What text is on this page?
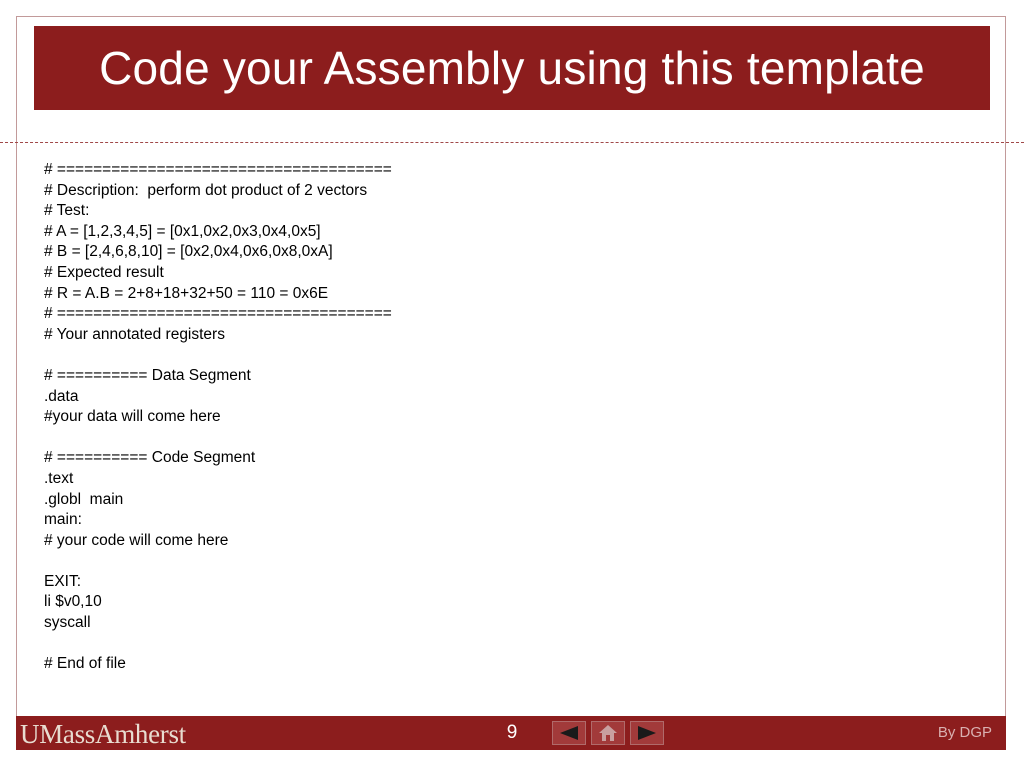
Code your Assembly using this template
# =====================================
# Description:  perform dot product of 2 vectors
# Test:
# A = [1,2,3,4,5] = [0x1,0x2,0x3,0x4,0x5]
# B = [2,4,6,8,10] = [0x2,0x4,0x6,0x8,0xA]
# Expected result
# R = A.B = 2+8+18+32+50 = 110 = 0x6E
# =====================================
# Your annotated registers
# ========== Data Segment
.data
#your data will come here
# ========== Code Segment
.text
.globl  main
main:
# your code will come here
EXIT:
li $v0,10
syscall
# End of file
UMassAmherst	9	By DGP
